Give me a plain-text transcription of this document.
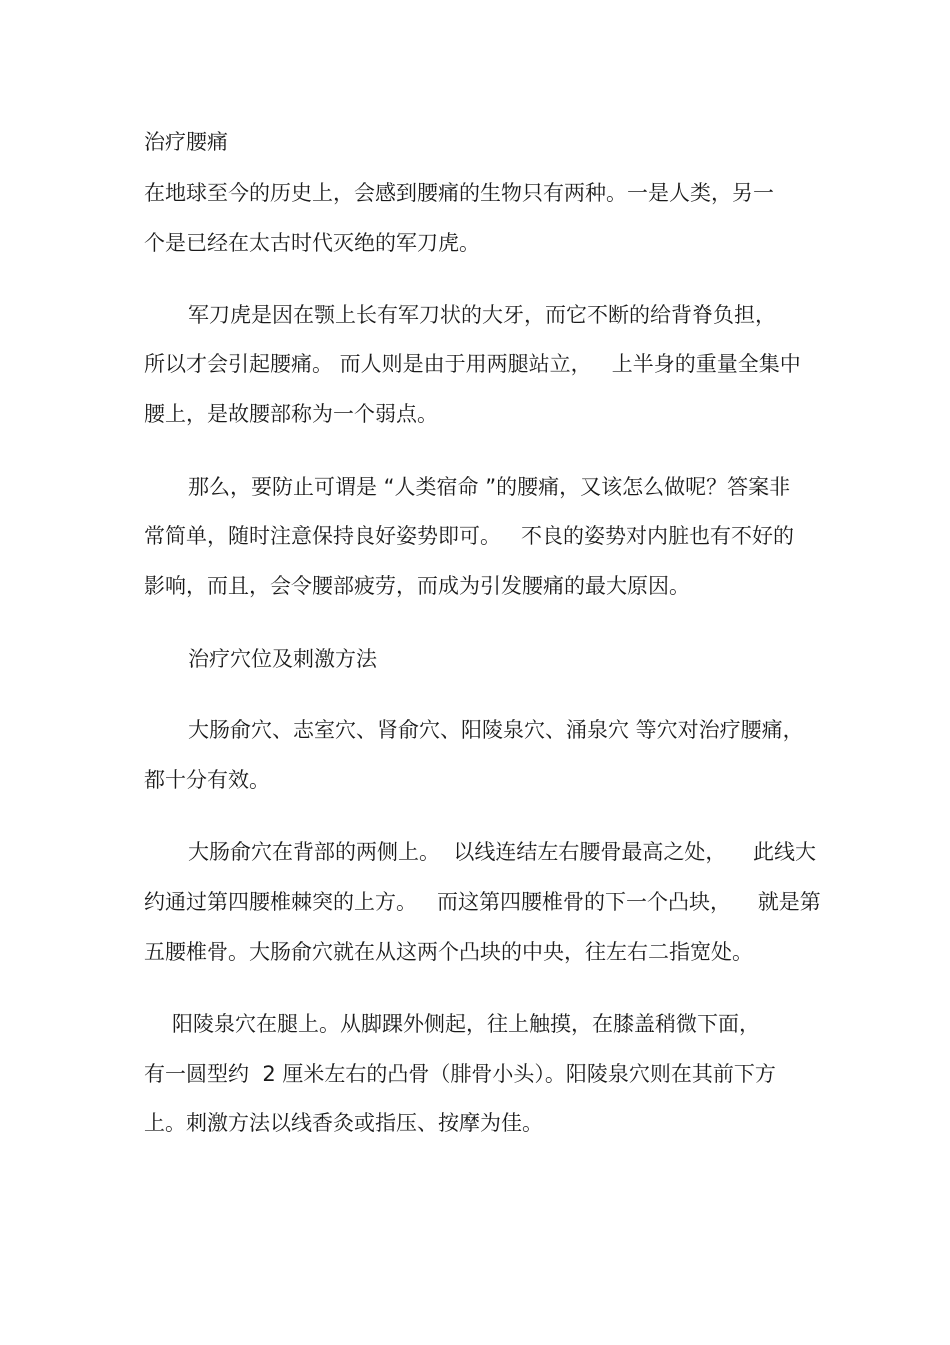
治疗腰痛
在地球至今的历史上，会感到腰痛的生物只有两种。一是人类，另一
个是已经在太古时代灭绝的军刀虎。
军刀虎是因在颚上长有军刀状的大牙，而它不断的给背脊负担，
所以才会引起腰痛。 而人则是由于用两腿站立，   上半身的重量全集中
腰上，是故腰部称为一个弱点。
那么，要防止可谓是 “人类宿命 ”的腰痛，又该怎么做呢？答案非
常简单，随时注意保持良好姿势即可。   不良的姿势对内脏也有不好的
影响，而且，会令腰部疲劳，而成为引发腰痛的最大原因。
治疗穴位及刺激方法
大肠俞穴、志室穴、肾俞穴、阳陵泉穴、涌泉穴 等穴对治疗腰痛，
都十分有效。
大肠俞穴在背部的两侧上。  以线连结左右腰骨最高之处，    此线大
约通过第四腰椎棘突的上方。   而这第四腰椎骨的下一个凸块，    就是第
五腰椎骨。大肠俞穴就在从这两个凸块的中央，往左右二指宽处。
阳陵泉穴在腿上。从脚踝外侧起，往上触摸，在膝盖稍微下面，
有一圆型约  2 厘米左右的凸骨（腓骨小头）。阳陵泉穴则在其前下方
上。刺激方法以线香灸或指压、按摩为佳。
